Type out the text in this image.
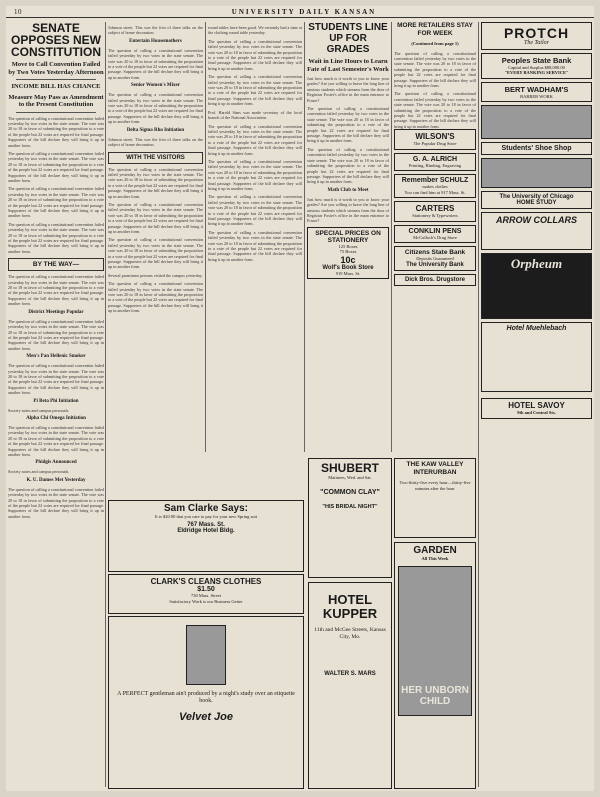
10	UNIVERSITY DAILY KANSAN
SENATE OPPOSES NEW CONSTITUTION
Move to Call Convention Failed by Two Votes Yesterday Afternoon
INCOME BILL HAS CHANCE
Measure May Pass as Amendment to the Present Constitution
The question of calling a constitutional convention failed yesterday by two votes in the state senate. The vote was 20 to 18 in favor of submitting the proposition to a vote of the people but 22 votes are required for final passage. Supporters of the bill declare they will bring it up in another form.
The question of calling a constitutional convention failed yesterday by two votes in the state senate. The vote was 20 to 18 in favor of submitting the proposition to a vote of the people but 22 votes are required for final passage. Supporters of the bill declare they will bring it up in another form.
The question of calling a constitutional convention failed yesterday by two votes in the state senate. The vote was 20 to 18 in favor of submitting the proposition to a vote of the people but 22 votes are required for final passage. Supporters of the bill declare they will bring it up in another form.
The question of calling a constitutional convention failed yesterday by two votes in the state senate. The vote was 20 to 18 in favor of submitting the proposition to a vote of the people but 22 votes are required for final passage. Supporters of the bill declare they will bring it up in another form.
BY THE WAY—
The question of calling a constitutional convention failed yesterday by two votes in the state senate. The vote was 20 to 18 in favor of submitting the proposition to a vote of the people but 22 votes are required for final passage. Supporters of the bill declare they will bring it up in another form.
District Meetings Popular
The question of calling a constitutional convention failed yesterday by two votes in the state senate. The vote was 20 to 18 in favor of submitting the proposition to a vote of the people but 22 votes are required for final passage. Supporters of the bill declare they will bring it up in another form.
Men's Pan Hellenic Smoker
The question of calling a constitutional convention failed yesterday by two votes in the state senate. The vote was 20 to 18 in favor of submitting the proposition to a vote of the people but 22 votes are required for final passage. Supporters of the bill declare they will bring it up in another form.
Pi Beta Phi Initiation
Society notes and campus personals.
Alpha Chi Omega Initiation
The question of calling a constitutional convention failed yesterday by two votes in the state senate. The vote was 20 to 18 in favor of submitting the proposition to a vote of the people but 22 votes are required for final passage. Supporters of the bill declare they will bring it up in another form.
Phidgis Announced
Society notes and campus personals.
K. U. Dames Met Yesterday
The question of calling a constitutional convention failed yesterday by two votes in the state senate. The vote was 20 to 18 in favor of submitting the proposition to a vote of the people but 22 votes are required for final passage. Supporters of the bill declare they will bring it up in another form.
Johnson street. This was the first of three talks on the subject of home decoration.
Entertain Housemothers
The question of calling a constitutional convention failed yesterday by two votes in the state senate. The vote was 20 to 18 in favor of submitting the proposition to a vote of the people but 22 votes are required for final passage. Supporters of the bill declare they will bring it up in another form.
Senior Women's Mixer
The question of calling a constitutional convention failed yesterday by two votes in the state senate. The vote was 20 to 18 in favor of submitting the proposition to a vote of the people but 22 votes are required for final passage. Supporters of the bill declare they will bring it up in another form.
Delta Sigma Rho Initiation
Johnson street. This was the first of three talks on the subject of home decoration.
WITH THE VISITORS
The question of calling a constitutional convention failed yesterday by two votes in the state senate. The vote was 20 to 18 in favor of submitting the proposition to a vote of the people but 22 votes are required for final passage. Supporters of the bill declare they will bring it up in another form.
The question of calling a constitutional convention failed yesterday by two votes in the state senate. The vote was 20 to 18 in favor of submitting the proposition to a vote of the people but 22 votes are required for final passage. Supporters of the bill declare they will bring it up in another form.
The question of calling a constitutional convention failed yesterday by two votes in the state senate. The vote was 20 to 18 in favor of submitting the proposition to a vote of the people but 22 votes are required for final passage. Supporters of the bill declare they will bring it up in another form.
Several prominent persons visited the campus yesterday.
The question of calling a constitutional convention failed yesterday by two votes in the state senate. The vote was 20 to 18 in favor of submitting the proposition to a vote of the people but 22 votes are required for final passage. Supporters of the bill declare they will bring it up in another form.
round tables have been good. We certainly had a time at the clothing round table yesterday.
The question of calling a constitutional convention failed yesterday by two votes in the state senate. The vote was 20 to 18 in favor of submitting the proposition to a vote of the people but 22 votes are required for final passage. Supporters of the bill declare they will bring it up in another form.
The question of calling a constitutional convention failed yesterday by two votes in the state senate. The vote was 20 to 18 in favor of submitting the proposition to a vote of the people but 22 votes are required for final passage. Supporters of the bill declare they will bring it up in another form.
Prof. Harold Sims was made secretary of the local branch of the National Association.
The question of calling a constitutional convention failed yesterday by two votes in the state senate. The vote was 20 to 18 in favor of submitting the proposition to a vote of the people but 22 votes are required for final passage. Supporters of the bill declare they will bring it up in another form.
The question of calling a constitutional convention failed yesterday by two votes in the state senate. The vote was 20 to 18 in favor of submitting the proposition to a vote of the people but 22 votes are required for final passage. Supporters of the bill declare they will bring it up in another form.
The question of calling a constitutional convention failed yesterday by two votes in the state senate. The vote was 20 to 18 in favor of submitting the proposition to a vote of the people but 22 votes are required for final passage. Supporters of the bill declare they will bring it up in another form.
The question of calling a constitutional convention failed yesterday by two votes in the state senate. The vote was 20 to 18 in favor of submitting the proposition to a vote of the people but 22 votes are required for final passage. Supporters of the bill declare they will bring it up in another form.
STUDENTS LINE UP FOR GRADES
Wait in Line Hours to Learn Fate of Last Semester's Work
Just how much is it worth to you to know your grades? Are you willing to brave the long line of anxious students which streams from the door of Registrar Foster's office in the main entrance to Fraser?
The question of calling a constitutional convention failed yesterday by two votes in the state senate. The vote was 20 to 18 in favor of submitting the proposition to a vote of the people but 22 votes are required for final passage. Supporters of the bill declare they will bring it up in another form.
The question of calling a constitutional convention failed yesterday by two votes in the state senate. The vote was 20 to 18 in favor of submitting the proposition to a vote of the people but 22 votes are required for final passage. Supporters of the bill declare they will bring it up in another form.
Math Club to Meet
Just how much is it worth to you to know your grades? Are you willing to brave the long line of anxious students which streams from the door of Registrar Foster's office in the main entrance to Fraser?
SPECIAL PRICES ON STATIONERY
125 Boxes
75 Boxes
10c
Wolf's Book Store
919 Mass. St.
MORE RETAILERS STAY FOR WEEK
(Continued from page 1)
The question of calling a constitutional convention failed yesterday by two votes in the state senate. The vote was 20 to 18 in favor of submitting the proposition to a vote of the people but 22 votes are required for final passage. Supporters of the bill declare they will bring it up in another form.
The question of calling a constitutional convention failed yesterday by two votes in the state senate. The vote was 20 to 18 in favor of submitting the proposition to a vote of the people but 22 votes are required for final passage. Supporters of the bill declare they will bring it up in another form.
WILSON'S
The Popular Drug Store
G. A. ALRICH
Printing, Binding, Engraving
Remember SCHULZ
makes clothes
You can find him at 917 Mass. St.
CARTERS
Stationery & Typewriters
CONKLIN PENS
McCulloch's Drug Store
Citizens State Bank
Deposits Guaranteed
The University Bank
Dick Bros. Drugstore
PROTCH
The Tailor
Peoples State Bank
Capital and Surplus $88,000.00
"EVERY BANKING SERVICE"
BERT WADHAM'S
BARBER WORK
Students' Shoe Shop
The University of Chicago
HOME STUDY
ARROW COLLARS
Orpheum
Hotel Muehlebach
HOTEL SAVOY
9th and Central Sts.
Sam Clarke Says:
It is $20.00 that you care to pay for your new Spring suit
767 Mass. St.
Eldridge Hotel Bldg.
CLARK'S CLEANS CLOTHES
$1.50
730 Mass. Street
Satisfactory Work is our Business Getter
A PERFECT gentleman ain't produced by a night's study over an etiquette book.
Velvet Joe
SHUBERT
Matinees, Wed. and Sat.
"COMMON CLAY"
"HIS BRIDAL NIGHT"
THE KAW VALLEY INTERURBAN
Two-thirty-five every hour—thirty-five minutes after the hour
HOTEL KUPPER
11th and McGee Streets, Kansas City, Mo.
WALTER S. MARS
GARDEN
All This Week
HER UNBORN CHILD
